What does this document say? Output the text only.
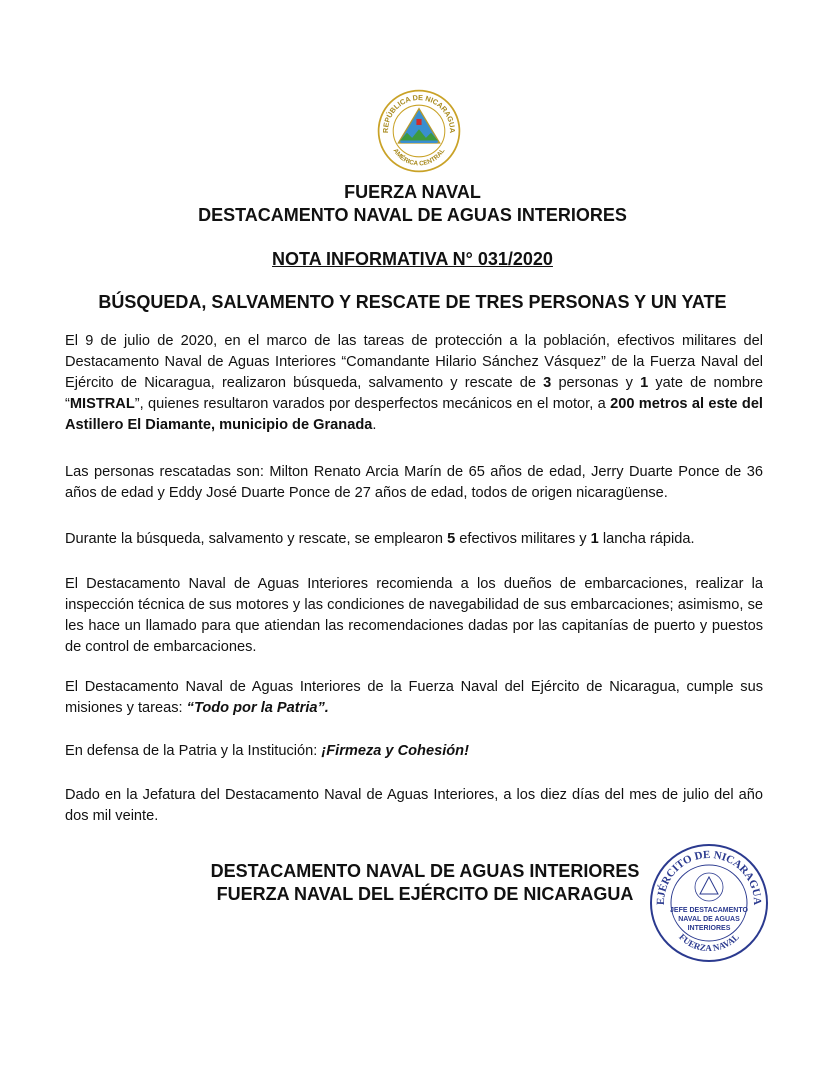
REPÚBLICA DE NICARAGUA
AMÉRICA CENTRAL
FUERZA NAVAL
DESTACAMENTO NAVAL DE AGUAS INTERIORES
NOTA INFORMATIVA N° 031/2020
BÚSQUEDA, SALVAMENTO Y RESCATE DE TRES PERSONAS Y UN YATE

El 9 de julio de 2020, en el marco de las tareas de protección a la población, efectivos militares del Destacamento Naval de Aguas Interiores “Comandante Hilario Sánchez Vásquez” de la Fuerza Naval del Ejército de Nicaragua, realizaron búsqueda, salvamento y rescate de 3 personas y 1 yate de nombre “MISTRAL”, quienes resultaron varados por desperfectos mecánicos en el motor, a 200 metros al este del Astillero El Diamante, municipio de Granada.

Las personas rescatadas son: Milton Renato Arcia Marín de 65 años de edad, Jerry Duarte Ponce de 36 años de edad y Eddy José Duarte Ponce de 27 años de edad, todos de origen nicaragüense.

Durante la búsqueda, salvamento y rescate, se emplearon 5 efectivos militares y 1 lancha rápida.

El Destacamento Naval de Aguas Interiores recomienda a los dueños de embarcaciones, realizar la inspección técnica de sus motores y las condiciones de navegabilidad de sus embarcaciones; asimismo, se les hace un llamado para que atiendan las recomendaciones dadas por las capitanías de puerto y puestos de control de embarcaciones.

El Destacamento Naval de Aguas Interiores de la Fuerza Naval del Ejército de Nicaragua, cumple sus misiones y tareas: “Todo por la Patria”.

En defensa de la Patria y la Institución: ¡Firmeza y Cohesión!

Dado en la Jefatura del Destacamento Naval de Aguas Interiores, a los diez días del mes de julio del año dos mil veinte.

DESTACAMENTO NAVAL DE AGUAS INTERIORES
FUERZA NAVAL DEL EJÉRCITO DE NICARAGUA	EJÉRCITO DE NICARAGUA
FUERZA NAVAL
JEFE DESTACAMENTO
NAVAL DE AGUAS
INTERIORES
